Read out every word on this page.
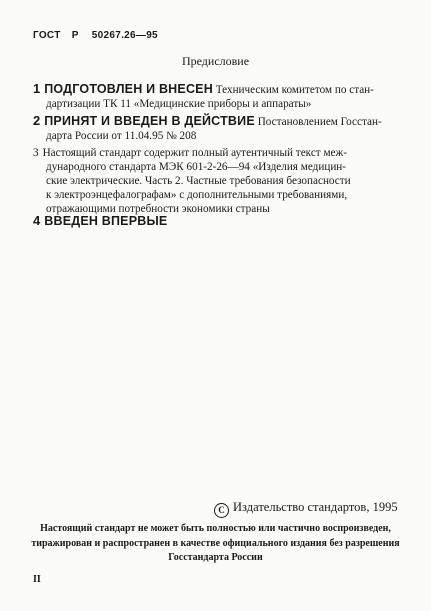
ГОСТ Р 50267.26—95
Предисловие
1 ПОДГОТОВЛЕН И ВНЕСЕН Техническим комитетом по стан-
дартизации ТК 11 «Медицинские приборы и аппараты»
2 ПРИНЯТ И ВВЕДЕН В ДЕЙСТВИЕ Постановлением Госстан-
дарта России от 11.04.95 № 208
3 Настоящий стандарт содержит полный аутентичный текст меж-
дународного стандарта МЭК 601-2-26—94 «Изделия медицин-
ские электрические. Часть 2. Частные требования безопасности
к электроэнцефалографам» с дополнительными требованиями,
отражающими потребности экономики страны
4 ВВЕДЕН ВПЕРВЫЕ
С Издательство стандартов, 1995
Настоящий стандарт не может быть полностью или частично воспроизведен,
тиражирован и распространен в качестве официального издания без разрешения
Госстандарта России
II
